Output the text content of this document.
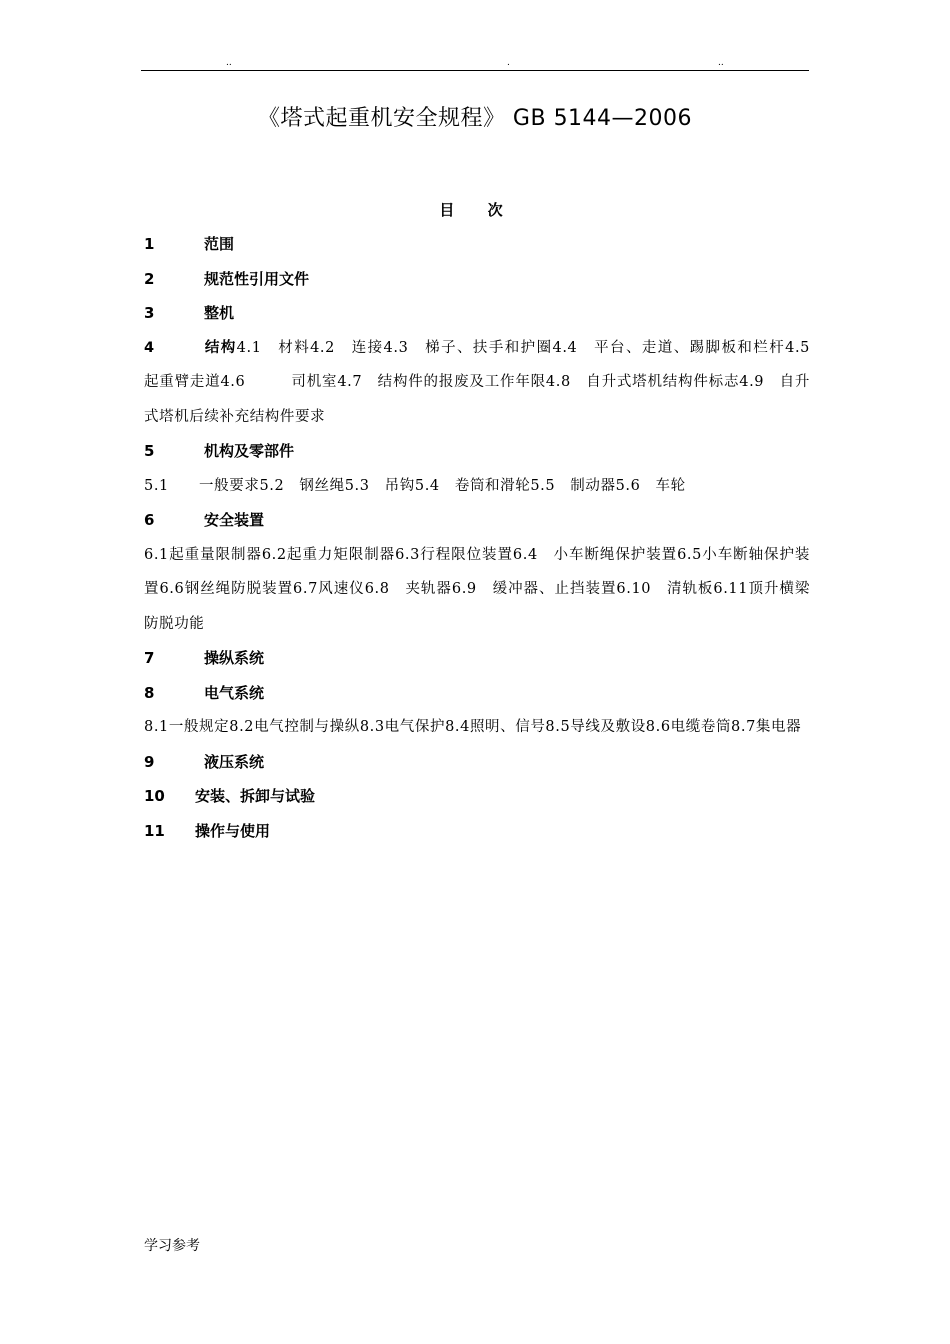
..	.	..
《塔式起重机安全规程》 GB 5144—2006
目 次
1	范围
2	规范性引用文件
3	整机
4	结构4.1　材料4.2　连接4.3　梯子、扶手和护圈4.4　平台、走道、踢脚板和栏杆4.5　起重臂走道4.6　　　司机室4.7　结构件的报废及工作年限4.8　自升式塔机结构件标志4.9　自升式塔机后续补充结构件要求
5	机构及零部件
5.1　　一般要求5.2　钢丝绳5.3　吊钩5.4　卷筒和滑轮5.5　制动器5.6　车轮
6	安全装置
6.1起重量限制器6.2起重力矩限制器6.3行程限位装置6.4　小车断绳保护装置6.5小车断轴保护装置6.6钢丝绳防脱装置6.7风速仪6.8　夹轨器6.9　缓冲器、止挡装置6.10　清轨板6.11顶升横梁防脱功能
7	操纵系统
8	电气系统
8.1一般规定8.2电气控制与操纵8.3电气保护8.4照明、信号8.5导线及敷设8.6电缆卷筒8.7集电器
9	液压系统
10 安装、拆卸与试验
11 操作与使用
学习参考
